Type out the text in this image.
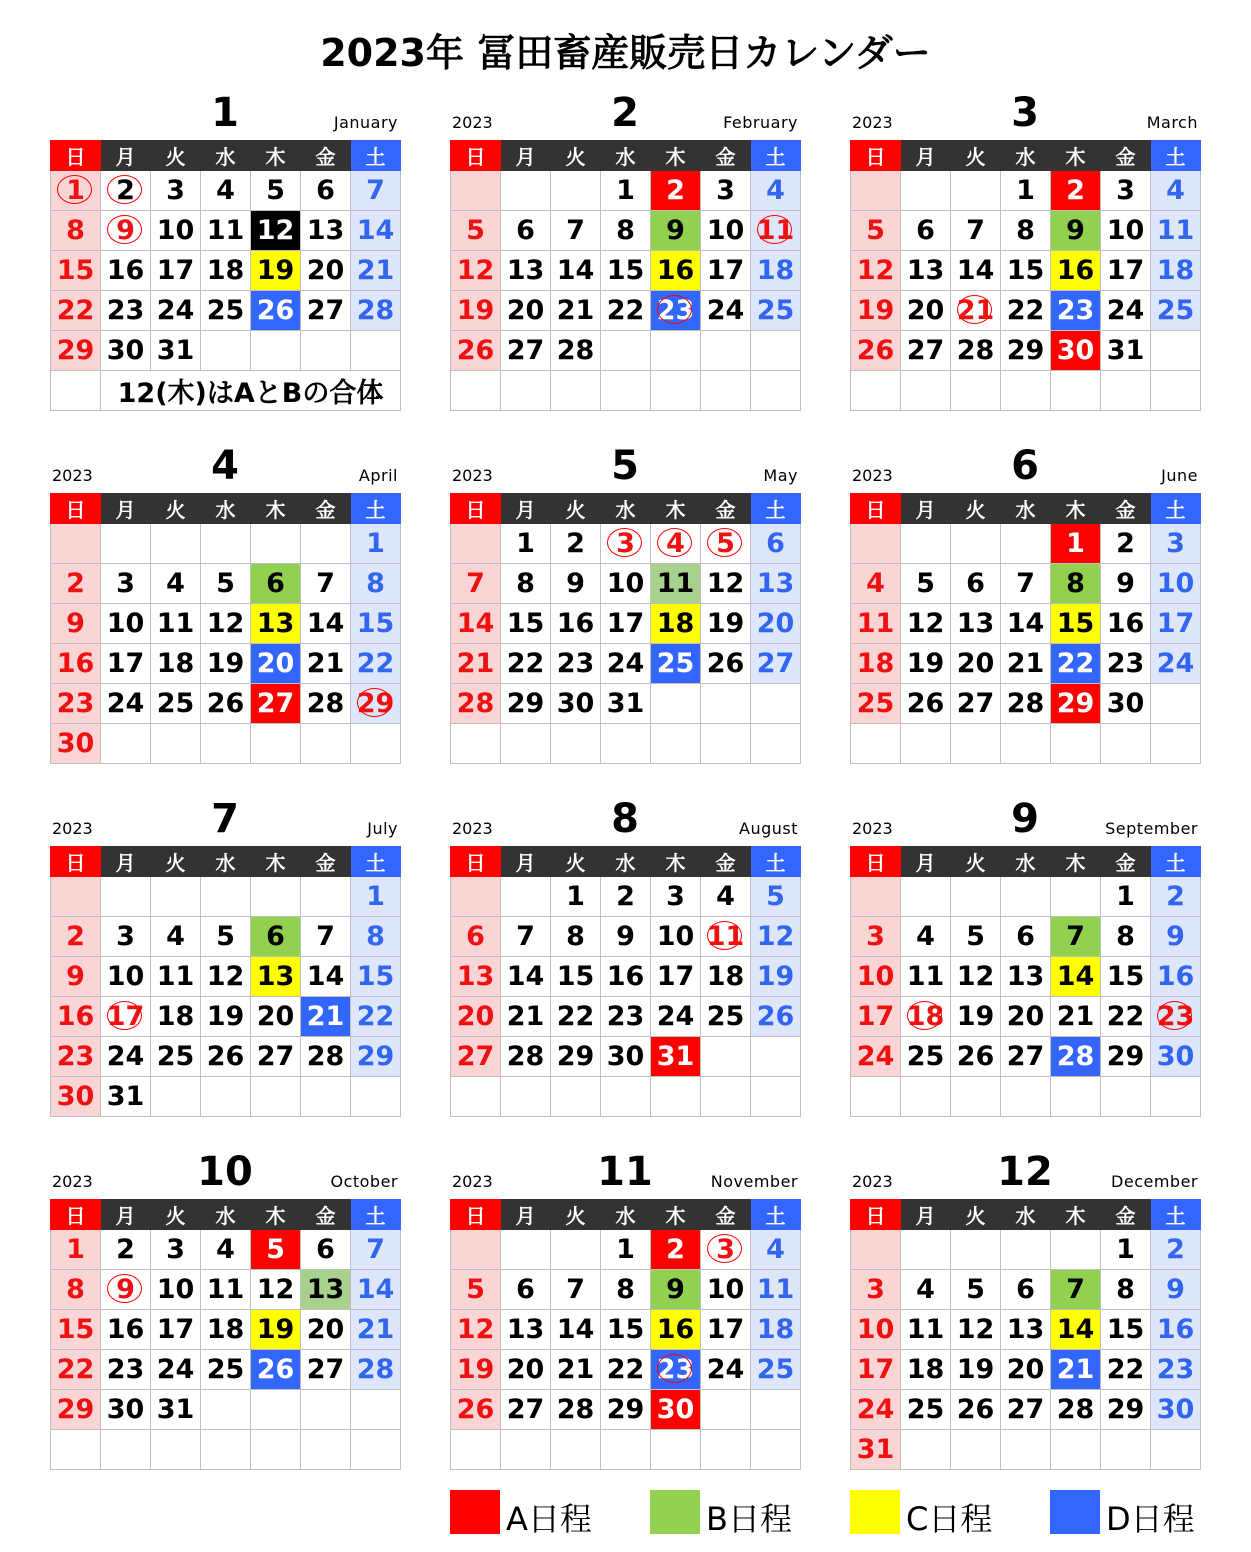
2023年 冨田畜産販売日カレンダー
1	January
日	月	火	水	木	金	土
1	2	3	4	5	6	7
8	9	10	11	12	13	14
15	16	17	18	19	20	21
22	23	24	25	26	27	28
29	30	31				
	12(木)はAとBの合体					
2023	2	February
日	月	火	水	木	金	土
			1	2	3	4
5	6	7	8	9	10	11

12	13	14	15	16	17	18
19	20	21	22	23	24	25
26	27	28				

2023	3	March
日	月	火	水	木	金	土
			1	2	3	4
5	6	7	8	9	10	11
12	13	14	15	16	17	18
19	20	21	22	23	24	25
26	27	28	29	30	31	

2023	4	April
日	月	火	水	木	金	土
						1
2	3	4	5	6	7	8
9	10	11	12	13	14	15
16	17	18	19	20	21	22
23	24	25	26	27	28	29

30						
2023	5	May
日	月	火	水	木	金	土
	1	2	3	4	5	6
7	8	9	10	11	12	13
14	15	16	17	18	19	20
21	22	23	24	25	26	27
28	29	30	31			

2023	6	June
日	月	火	水	木	金	土
				1	2	3
4	5	6	7	8	9	10
11	12	13	14	15	16	17
18	19	20	21	22	23	24
25	26	27	28	29	30	

2023	7	July
日	月	火	水	木	金	土
						1
2	3	4	5	6	7	8
9	10	11	12	13	14	15
16	17	18	19	20	21	22
23	24	25	26	27	28	29
30	31					
2023	8	August
日	月	火	水	木	金	土
		1	2	3	4	5
6	7	8	9	10	11	12
13	14	15	16	17	18	19
20	21	22	23	24	25	26
27	28	29	30	31		

2023	9	September
日	月	火	水	木	金	土
					1	2
3	4	5	6	7	8	9
10	11	12	13	14	15	16
17	18	19	20	21	22	23

24	25	26	27	28	29	30

2023	10	October
日	月	火	水	木	金	土
1	2	3	4	5	6	7
8	9	10	11	12	13	14
15	16	17	18	19	20	21
22	23	24	25	26	27	28
29	30	31				

2023	11	November
日	月	火	水	木	金	土
			1	2	3	4
5	6	7	8	9	10	11
12	13	14	15	16	17	18
19	20	21	22	23	24	25
26	27	28	29	30		

2023	12	December
日	月	火	水	木	金	土
					1	2
3	4	5	6	7	8	9
10	11	12	13	14	15	16
17	18	19	20	21	22	23
24	25	26	27	28	29	30
31						
A日程	B日程	C日程	D日程
